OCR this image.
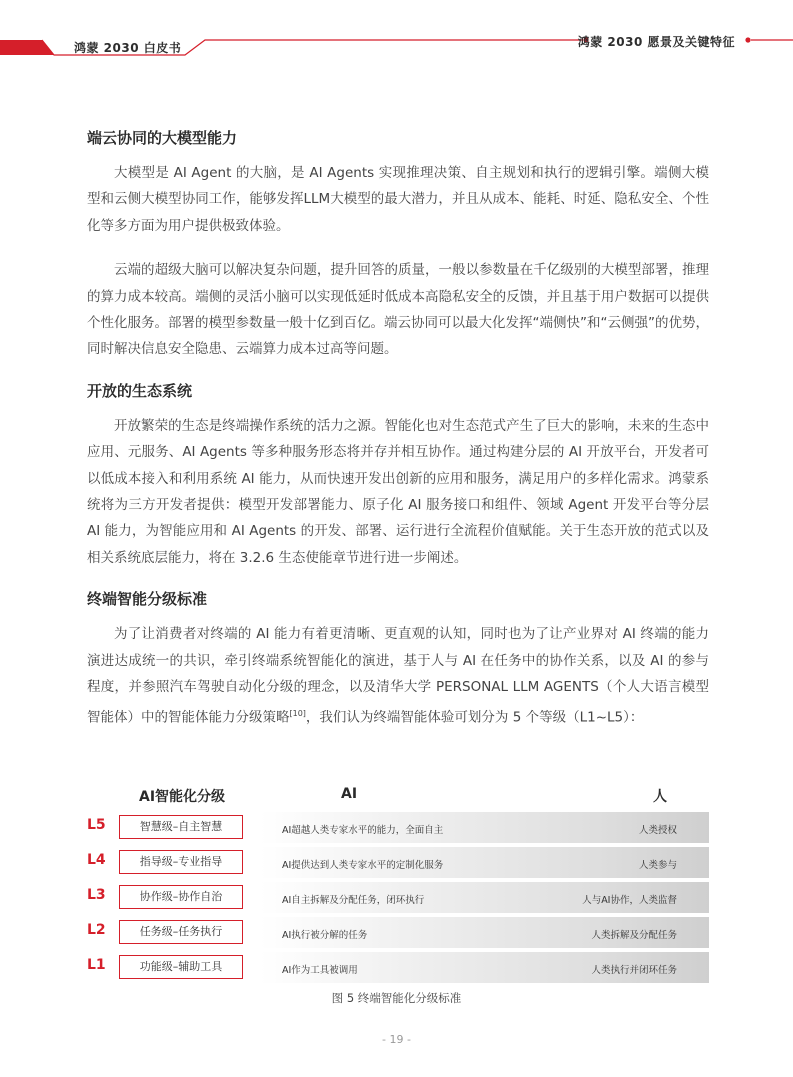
鸿蒙 2030 白皮书	鸿蒙 2030 愿景及关键特征
端云协同的大模型能力

大模型是 AI Agent 的大脑，是 AI Agents 实现推理决策、自主规划和执行的逻辑引擎。端侧大模型和云侧大模型协同工作，能够发挥LLM大模型的最大潜力，并且从成本、能耗、时延、隐私安全、个性化等多方面为用户提供极致体验。

云端的超级大脑可以解决复杂问题，提升回答的质量，一般以参数量在千亿级别的大模型部署，推理的算力成本较高。端侧的灵活小脑可以实现低延时低成本高隐私安全的反馈，并且基于用户数据可以提供个性化服务。部署的模型参数量一般十亿到百亿。端云协同可以最大化发挥“端侧快”和“云侧强”的优势，同时解决信息安全隐患、云端算力成本过高等问题。

开放的生态系统

开放繁荣的生态是终端操作系统的活力之源。智能化也对生态范式产生了巨大的影响，未来的生态中应用、元服务、AI Agents 等多种服务形态将并存并相互协作。通过构建分层的 AI 开放平台，开发者可以低成本接入和利用系统 AI 能力，从而快速开发出创新的应用和服务，满足用户的多样化需求。鸿蒙系统将为三方开发者提供：模型开发部署能力、原子化 AI 服务接口和组件、领域 Agent 开发平台等分层 AI 能力，为智能应用和 AI Agents 的开发、部署、运行进行全流程价值赋能。关于生态开放的范式以及相关系统底层能力，将在 3.2.6 生态使能章节进行进一步阐述。

终端智能分级标准

为了让消费者对终端的 AI 能力有着更清晰、更直观的认知，同时也为了让产业界对 AI 终端的能力演进达成统一的共识，牵引终端系统智能化的演进，基于人与 AI 在任务中的协作关系，以及 AI 的参与程度，并参照汽车驾驶自动化分级的理念，以及清华大学 PERSONAL LLM AGENTS（个人大语言模型智能体）中的智能体能力分级策略[10]，我们认为终端智能体验可划分为 5 个等级（L1~L5）：

AI智能化分级	AI	人
L5	智慧级–自主智慧	AI超越人类专家水平的能力，全面自主	人类授权
L4	指导级–专业指导	AI提供达到人类专家水平的定制化服务	人类参与
L3	协作级–协作自治	AI自主拆解及分配任务，闭环执行	人与AI协作，人类监督
L2	任务级–任务执行	AI执行被分解的任务	人类拆解及分配任务
L1	功能级–辅助工具	AI作为工具被调用	人类执行并闭环任务
图 5 终端智能化分级标准
- 19 -
